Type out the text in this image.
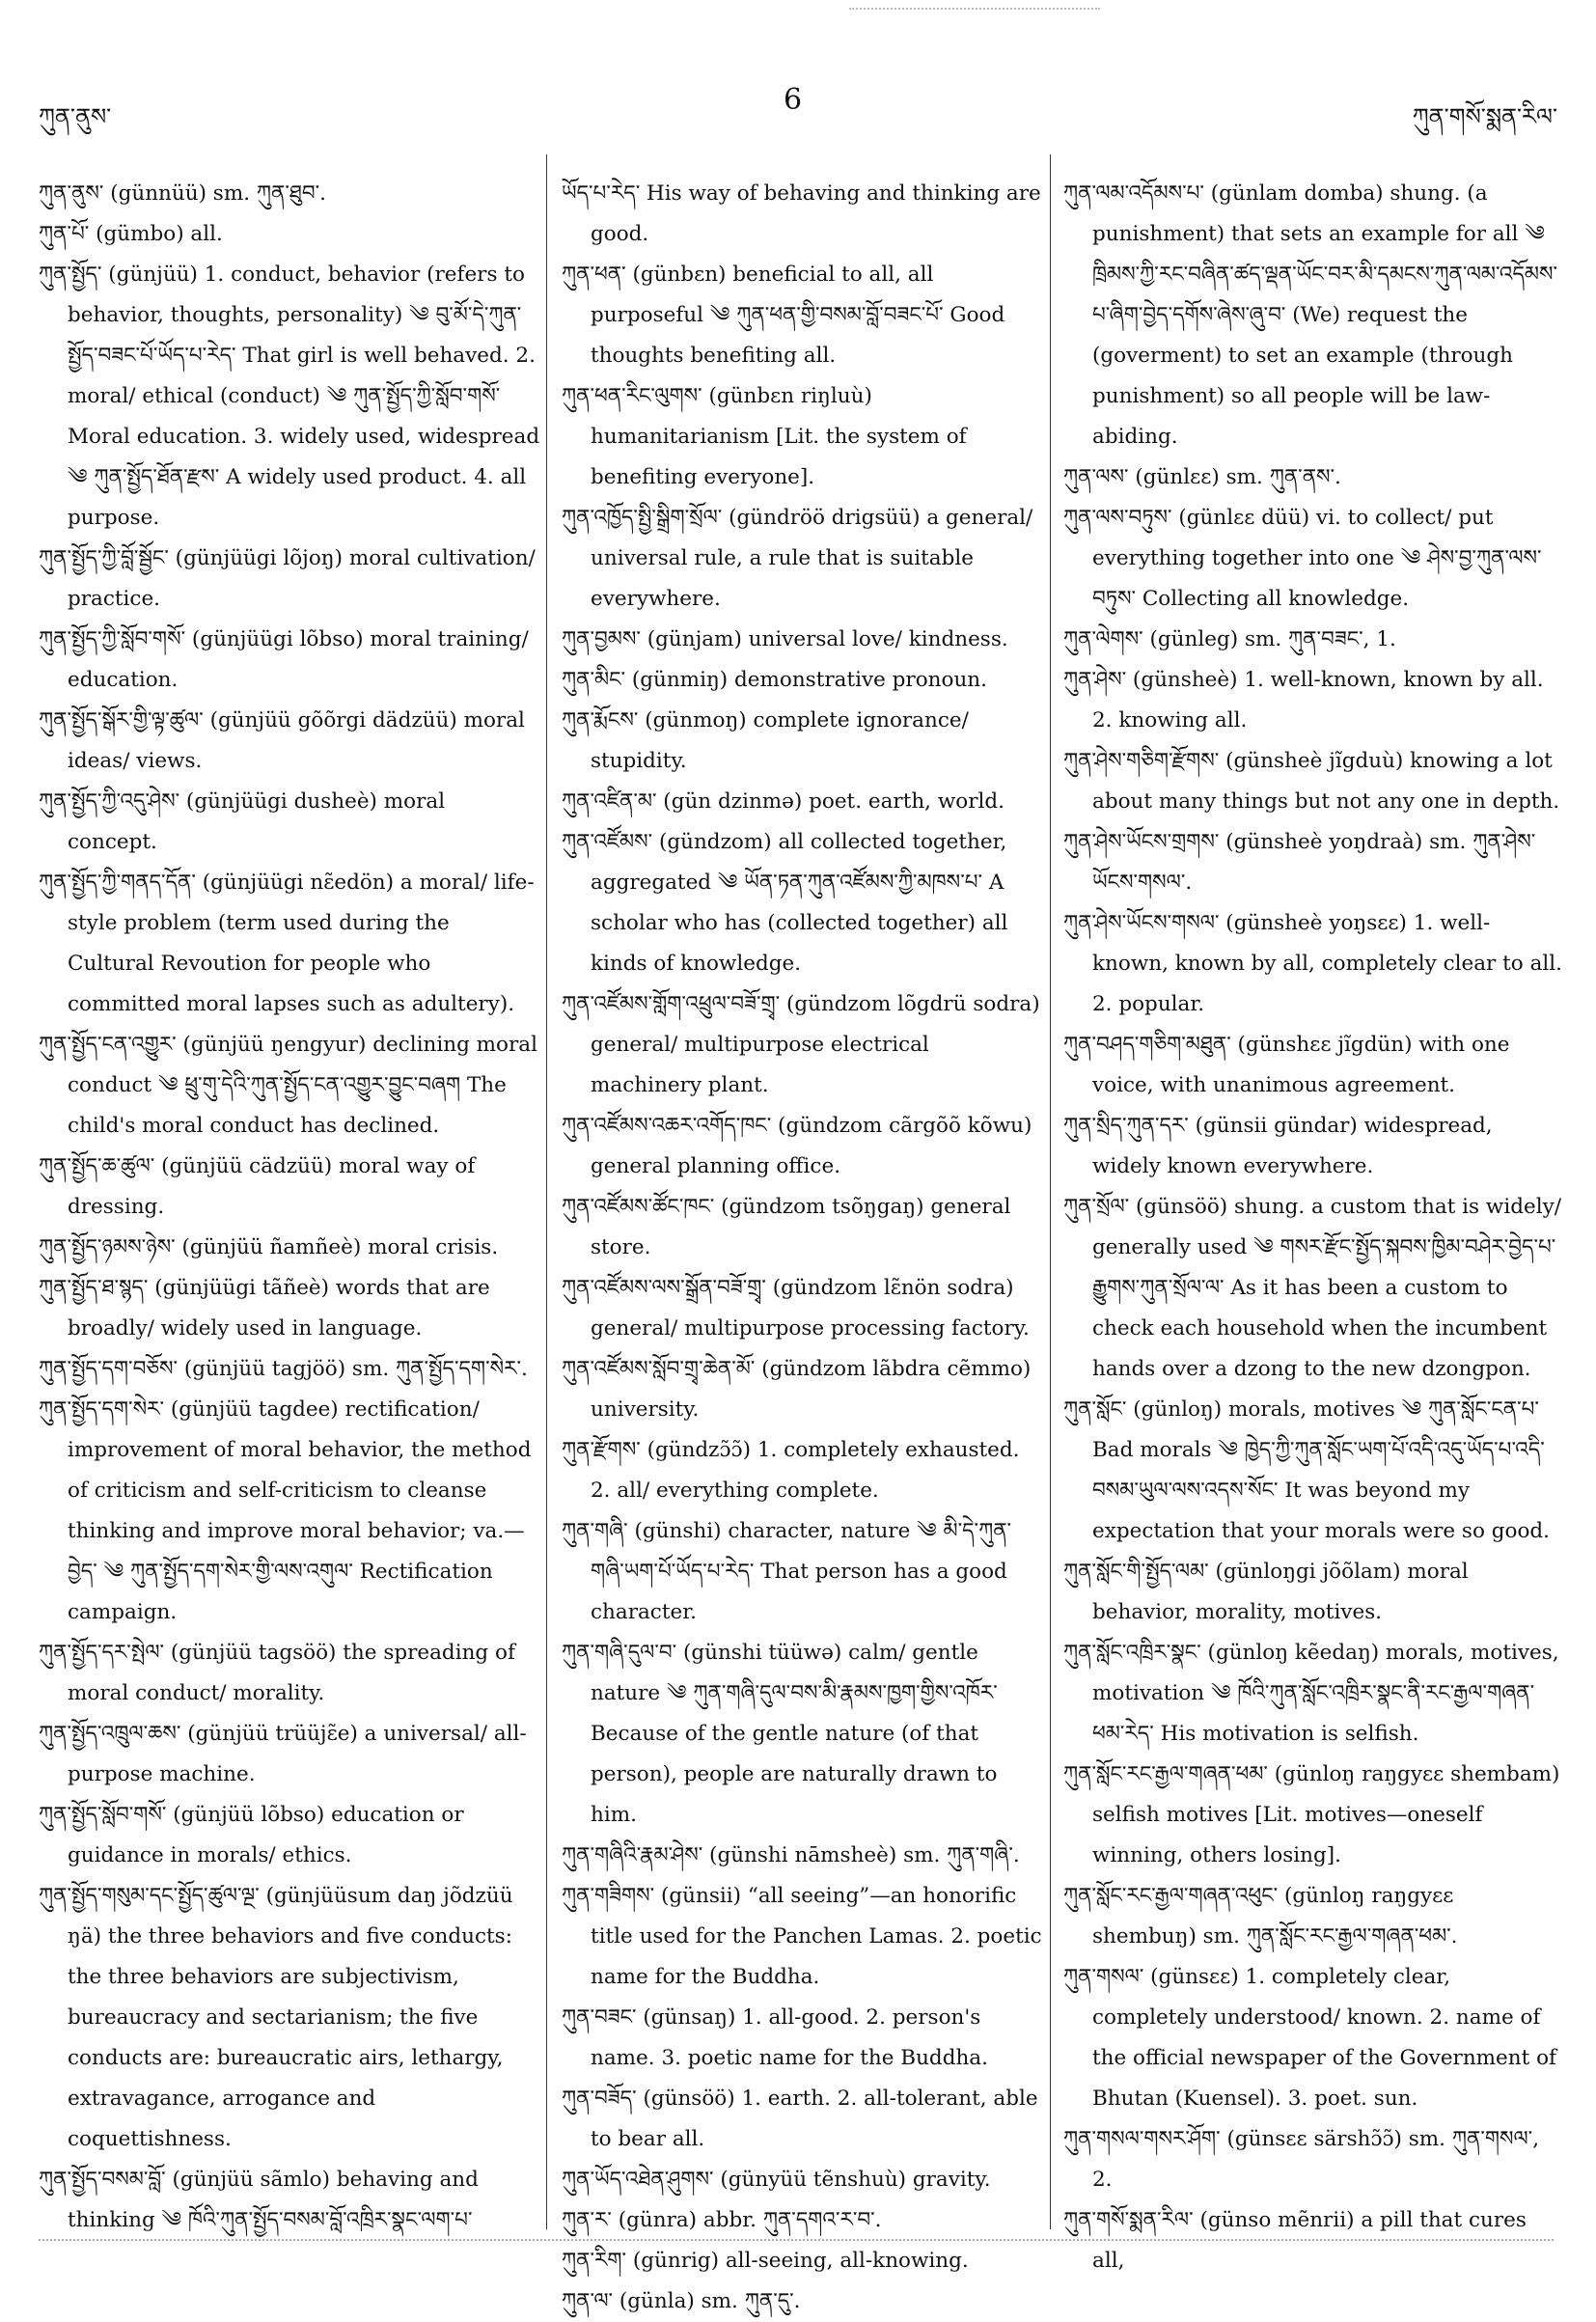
ཀུན་ནུས་	6	ཀུན་གསོ་སྨན་རིལ་

ཀུན་ནུས་ (günnüü) sm. ཀུན་ཐུབ་.

ཀུན་པོ་ (gümbo) all.

ཀུན་སྤྱོད་ (günjüü) 1. conduct, behavior (refers to behavior, thoughts, personality) ༄ བུ་མོ་དེ་ཀུན་སྤྱོད་བཟང་པོ་ཡོད་པ་རེད་ That girl is well behaved. 2. moral/ ethical (conduct) ༄ ཀུན་སྤྱོད་ཀྱི་སློབ་གསོ་ Moral education. 3. widely used, widespread ༄ ཀུན་སྤྱོད་ཐོན་རྫས་ A widely used product. 4. all purpose.

ཀུན་སྤྱོད་ཀྱི་བློ་སྦྱོང་ (günjüügi lõjoŋ) moral cultivation/ practice.

ཀུན་སྤྱོད་ཀྱི་སློབ་གསོ་ (günjüügi lõbso) moral training/ education.

ཀུན་སྤྱོད་སྒོར་གྱི་ལྟ་ཚུལ་ (günjüü gõõrgi dädzüü) moral ideas/ views.

ཀུན་སྤྱོད་ཀྱི་འདུ་ཤེས་ (günjüügi dusheè) moral concept.

ཀུན་སྤྱོད་ཀྱི་གནད་དོན་ (günjüügi nɛ̃edön) a moral/ life-style problem (term used during the Cultural Revoution for people who committed moral lapses such as adultery).

ཀུན་སྤྱོད་ངན་འགྱུར་ (günjüü ŋengyur) declining moral conduct ༄ ཕྲུ་གུ་དེའི་ཀུན་སྤྱོད་ངན་འགྱུར་བྱུང་བཞག The child's moral conduct has declined.

ཀུན་སྤྱོད་ཆ་ཚུལ་ (günjüü cädzüü) moral way of dressing.

ཀུན་སྤྱོད་ཉམས་ཉེས་ (günjüü ñamñeè) moral crisis.

ཀུན་སྤྱོད་ཐ་སྙད་ (günjüügi tãñeè) words that are broadly/ widely used in language.

ཀུན་སྤྱོད་དག་བཅོས་ (günjüü tagjöö) sm. ཀུན་སྤྱོད་དག་སེར་.

ཀུན་སྤྱོད་དག་སེར་ (günjüü tagdee) rectification/ improvement of moral behavior, the method of criticism and self-criticism to cleanse thinking and improve moral behavior; va.—བྱེད་ ༄ ཀུན་སྤྱོད་དག་སེར་གྱི་ལས་འགུལ་ Rectification campaign.

ཀུན་སྤྱོད་དར་སྤེལ་ (günjüü tagsöö) the spreading of moral conduct/ morality.

ཀུན་སྤྱོད་འཁྲུལ་ཆས་ (günjüü trüüjɛ̃e) a universal/ all-purpose machine.

ཀུན་སྤྱོད་སློབ་གསོ་ (günjüü lõbso) education or guidance in morals/ ethics.

ཀུན་སྤྱོད་གསུམ་དང་སྤྱོད་ཚུལ་ལྔ་ (günjüüsum daŋ jõdzüü ŋä) the three behaviors and five conducts: the three behaviors are subjectivism, bureaucracy and sectarianism; the five conducts are: bureaucratic airs, lethargy, extravagance, arrogance and coquettishness.

ཀུན་སྤྱོད་བསམ་བློ་ (günjüü sãmlo) behaving and thinking ༄ ཁོའི་ཀུན་སྤྱོད་བསམ་བློ་འཁྲིར་སྣང་ལག་པ་

ཡོད་པ་རེད་ His way of behaving and thinking are good.

ཀུན་ཕན་ (günbɛn) beneficial to all, all purposeful ༄ ཀུན་ཕན་གྱི་བསམ་བློ་བཟང་པོ་ Good thoughts benefiting all.

ཀུན་ཕན་རིང་ལུགས་ (günbɛn riŋluù) humanitarianism [Lit. the system of benefiting everyone].

ཀུན་འཁྱོད་སྤྱི་སྒྲིག་སྲོལ་ (gündröö drigsüü) a general/ universal rule, a rule that is suitable everywhere.

ཀུན་བྱམས་ (günjam) universal love/ kindness.

ཀུན་མིང་ (günmiŋ) demonstrative pronoun.

ཀུན་རྨོངས་ (günmoŋ) complete ignorance/ stupidity.

ཀུན་འཛིན་མ་ (gün dzinmə) poet. earth, world.

ཀུན་འཛོམས་ (gündzom) all collected together, aggregated ༄ ཡོན་ཏན་ཀུན་འཛོམས་ཀྱི་མཁས་པ་ A scholar who has (collected together) all kinds of knowledge.

ཀུན་འཛོམས་གློག་འཕྲུལ་བཟོ་གྲྭ་ (gündzom lõgdrü sodra) general/ multipurpose electrical machinery plant.

ཀུན་འཛོམས་འཆར་འགོད་ཁང་ (gündzom cãrgõõ kõwu) general planning office.

ཀུན་འཛོམས་ཚོང་ཁང་ (gündzom tsõŋgaŋ) general store.

ཀུན་འཛོམས་ལས་སྒྲོན་བཟོ་གྲྭ་ (gündzom lɛ̃nön sodra) general/ multipurpose processing factory.

ཀུན་འཛོམས་སློབ་གྲྭ་ཆེན་མོ་ (gündzom lãbdra cẽmmo) university.

ཀུན་རྫོགས་ (gündzɔ̃ɔ̃) 1. completely exhausted. 2. all/ everything complete.

ཀུན་གཞི་ (günshi) character, nature ༄ མི་དེ་ཀུན་གཞི་ཡག་པོ་ཡོད་པ་རེད་ That person has a good character.

ཀུན་གཞི་དུལ་བ་ (günshi tüüwə) calm/ gentle nature ༄ ཀུན་གཞི་དུལ་བས་མི་རྣམས་ཁྱག་གྱིས་འཁོར་ Because of the gentle nature (of that person), people are naturally drawn to him.

ཀུན་གཞིའི་རྣམ་ཤེས་ (günshi nāmsheè) sm. ཀུན་གཞི་.

ཀུན་གཟིགས་ (günsii) “all seeing”—an honorific title used for the Panchen Lamas. 2. poetic name for the Buddha.

ཀུན་བཟང་ (günsaŋ) 1. all-good. 2. person's name. 3. poetic name for the Buddha.

ཀུན་བཟོད་ (günsöö) 1. earth. 2. all-tolerant, able to bear all.

ཀུན་ཡོད་འཐེན་ཤུགས་ (günyüü tẽnshuù) gravity.

ཀུན་ར་ (günra) abbr. ཀུན་དགའ་ར་བ་.

ཀུན་རིག་ (günrig) all-seeing, all-knowing.

ཀུན་ལ་ (günla) sm. ཀུན་དུ་.

ཀུན་ལམ་འདོམས་པ་ (günlam domba) shung. (a punishment) that sets an example for all ༄ ཁྲིམས་ཀྱི་རང་བཞིན་ཚད་ལྡན་ཡོང་བར་མི་དམངས་ཀུན་ལམ་འདོམས་པ་ཞིག་བྱེད་དགོས་ཞེས་ཞུ་བ་ (We) request the (goverment) to set an example (through punishment) so all people will be law-abiding.

ཀུན་ལས་ (günlɛɛ) sm. ཀུན་ནས་.

ཀུན་ལས་བཏུས་ (günlɛɛ düü) vi. to collect/ put everything together into one ༄ ཤེས་བྱ་ཀུན་ལས་བཏུས་ Collecting all knowledge.

ཀུན་ལེགས་ (günleg) sm. ཀུན་བཟང་, 1.

ཀུན་ཤེས་ (günsheè) 1. well-known, known by all. 2. knowing all.

ཀུན་ཤེས་གཅིག་རྫོགས་ (günsheè jĩgduù) knowing a lot about many things but not any one in depth.

ཀུན་ཤེས་ཡོངས་གྲགས་ (günsheè yoŋdraà) sm. ཀུན་ཤེས་ཡོངས་གསལ་.

ཀུན་ཤེས་ཡོངས་གསལ་ (günsheè yoŋsɛɛ) 1. well-known, known by all, completely clear to all. 2. popular.

ཀུན་བཤད་གཅིག་མཐུན་ (günshɛɛ jĩgdün) with one voice, with unanimous agreement.

ཀུན་སྲིད་ཀུན་དར་ (günsii gündar) widespread, widely known everywhere.

ཀུན་སྲོལ་ (günsöö) shung. a custom that is widely/ generally used ༄ གསར་རྫོང་སྤྱོད་སྐབས་ཁྱིམ་བཤེར་བྱེད་པ་རྒྱུགས་ཀུན་སྲོལ་ལ་ As it has been a custom to check each household when the incumbent hands over a dzong to the new dzongpon.

ཀུན་སློང་ (günloŋ) morals, motives ༄ ཀུན་སློང་ངན་པ་ Bad morals ༄ ཁྱེད་ཀྱི་ཀུན་སློང་ཡག་པོ་འདི་འདུ་ཡོད་པ་འདི་བསམ་ཡུལ་ལས་འདས་སོང་ It was beyond my expectation that your morals were so good.

ཀུན་སློང་གི་སྤྱོད་ལམ་ (günloŋgi jõõlam) moral behavior, morality, motives.

ཀུན་སློང་འཁྲིར་སྣང་ (günloŋ kẽedaŋ) morals, motives, motivation ༄ ཁོའི་ཀུན་སློང་འཁྲིར་སྣང་ནི་རང་རྒྱལ་གཞན་ཕམ་རེད་ His motivation is selfish.

ཀུན་སློང་རང་རྒྱལ་གཞན་ཕམ་ (günloŋ raŋgyɛɛ shembam) selfish motives [Lit. motives—oneself winning, others losing].

ཀུན་སློང་རང་རྒྱལ་གཞན་འཕུང་ (günloŋ raŋgyɛɛ shembuŋ) sm. ཀུན་སློང་རང་རྒྱལ་གཞན་ཕམ་.

ཀུན་གསལ་ (günsɛɛ) 1. completely clear, completely understood/ known. 2. name of the official newspaper of the Government of Bhutan (Kuensel). 3. poet. sun.

ཀུན་གསལ་གསར་ཤོག་ (günsɛɛ särshɔ̃ɔ̃) sm. ཀུན་གསལ་, 2.

ཀུན་གསོ་སྨན་རིལ་ (günso mẽnrii) a pill that cures all,
